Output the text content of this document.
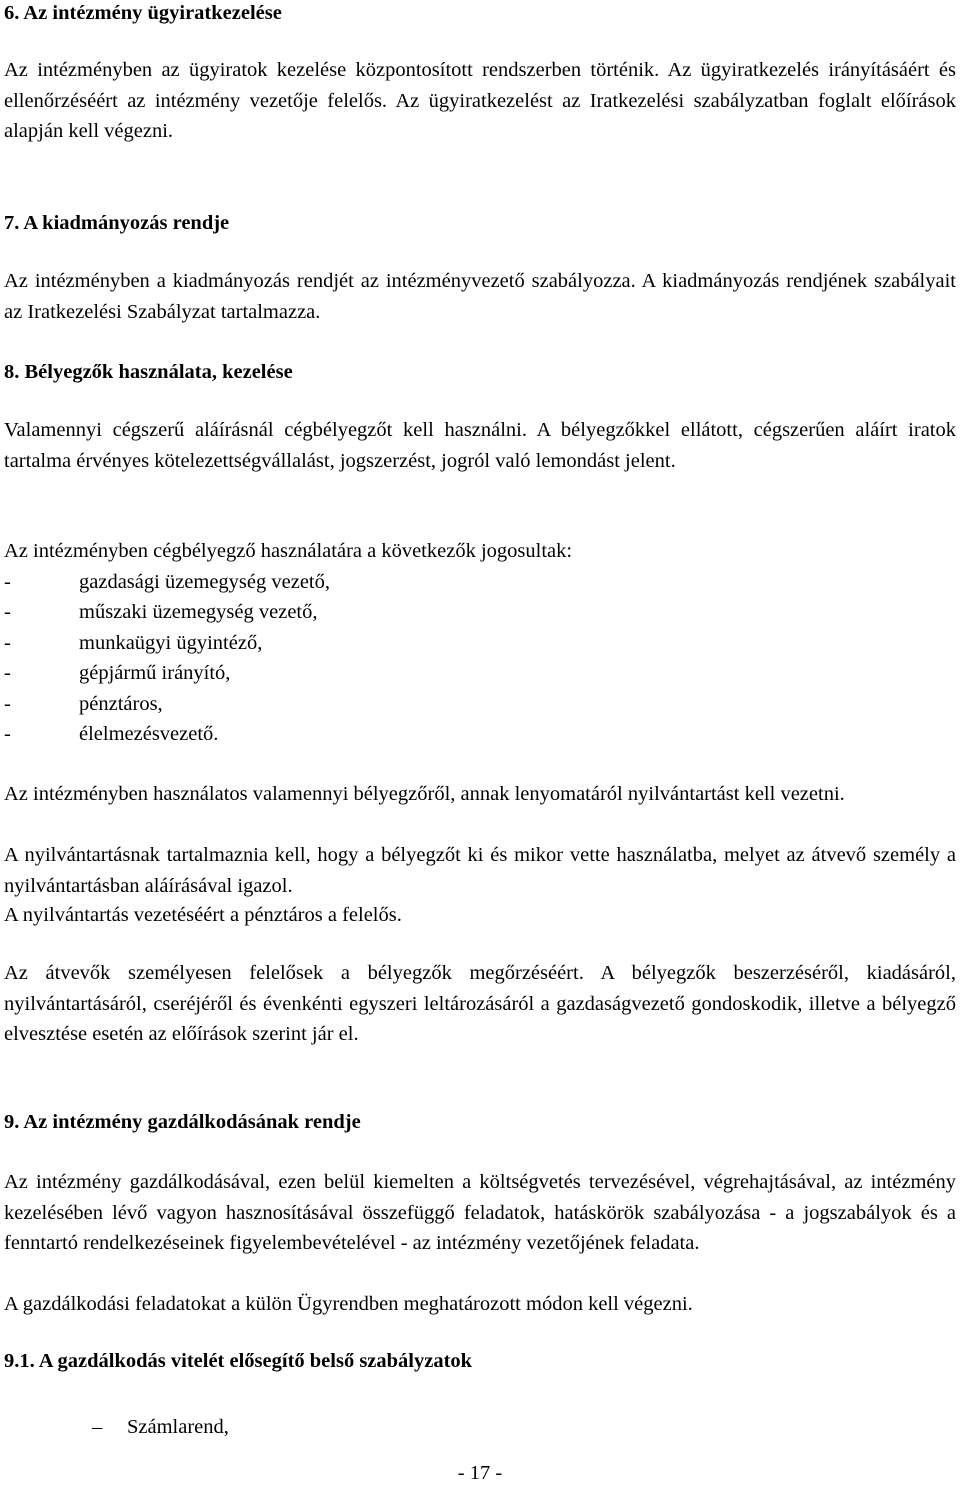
6. Az intézmény ügyiratkezelése
Az intézményben az ügyiratok kezelése központosított rendszerben történik. Az ügyiratkezelés irányításáért és ellenőrzéséért az intézmény vezetője felelős. Az ügyiratkezelést az Iratkezelési szabályzatban foglalt előírások alapján kell végezni.
7. A kiadmányozás rendje
Az intézményben a kiadmányozás rendjét az intézményvezető szabályozza. A kiadmányozás rendjének szabályait az Iratkezelési Szabályzat tartalmazza.
8. Bélyegzők használata, kezelése
Valamennyi cégszerű aláírásnál cégbélyegzőt kell használni. A bélyegzőkkel ellátott, cégszerűen aláírt iratok tartalma érvényes kötelezettségvállalást, jogszerzést, jogról való lemondást jelent.
Az intézményben cégbélyegző használatára a következők jogosultak:
-	gazdasági üzemegység vezető,
-	műszaki üzemegység vezető,
-	munkaügyi ügyintéző,
-	gépjármű irányító,
-	pénztáros,
-	élelmezésvezető.
Az intézményben használatos valamennyi bélyegzőről, annak lenyomatáról nyilvántartást kell vezetni.
A nyilvántartásnak tartalmaznia kell, hogy a bélyegzőt ki és mikor vette használatba, melyet az átvevő személy a nyilvántartásban aláírásával igazol.
A nyilvántartás vezetéséért a pénztáros a felelős.
Az átvevők személyesen felelősek a bélyegzők megőrzéséért. A bélyegzők beszerzéséről, kiadásáról, nyilvántartásáról, cseréjéről és évenkénti egyszeri leltározásáról a gazdaságvezető gondoskodik, illetve a bélyegző elvesztése esetén az előírások szerint jár el.
9. Az intézmény gazdálkodásának rendje
Az intézmény gazdálkodásával, ezen belül kiemelten a költségvetés tervezésével, végrehajtásával, az intézmény kezelésében lévő vagyon hasznosításával összefüggő feladatok, hatáskörök szabályozása - a jogszabályok és a fenntartó rendelkezéseinek figyelembevételével - az intézmény vezetőjének feladata.
A gazdálkodási feladatokat a külön Ügyrendben meghatározott módon kell végezni.
9.1. A gazdálkodás vitelét elősegítő belső szabályzatok
– Számlarend,
- 17 -
